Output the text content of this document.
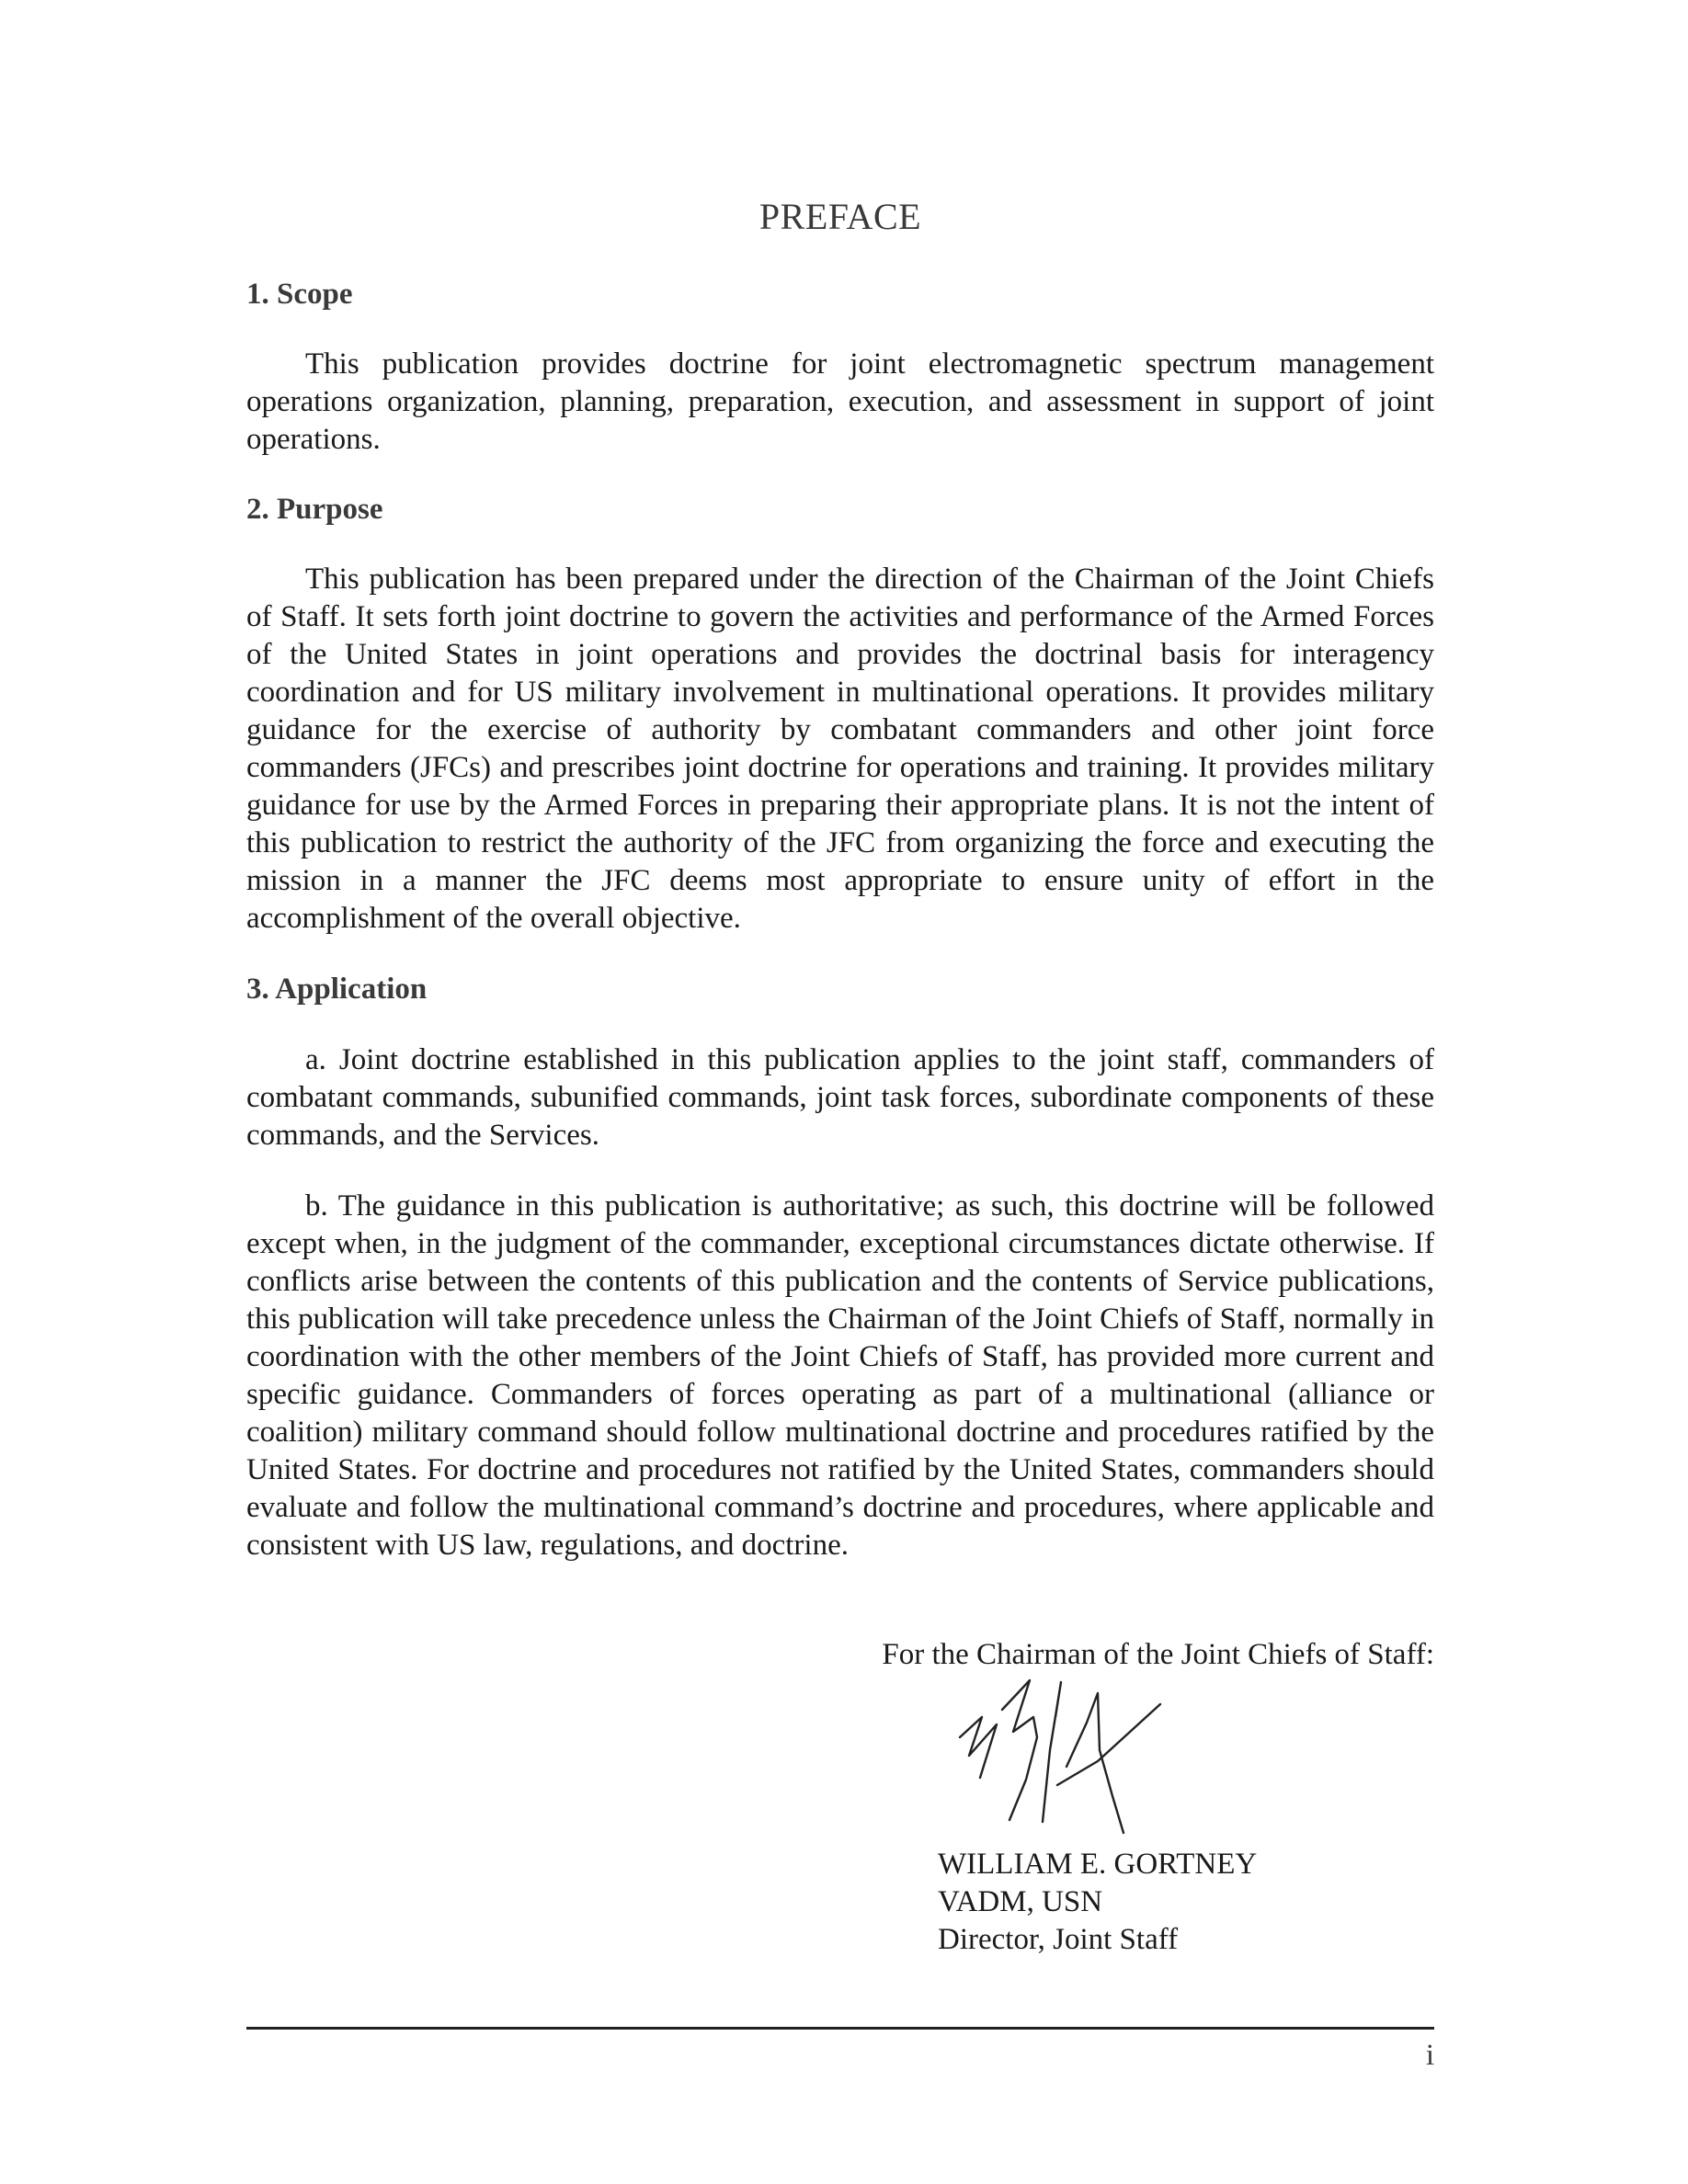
PREFACE
1. Scope

This publication provides doctrine for joint electromagnetic spectrum management operations organization, planning, preparation, execution, and assessment in support of joint operations.

2. Purpose

This publication has been prepared under the direction of the Chairman of the Joint Chiefs of Staff. It sets forth joint doctrine to govern the activities and performance of the Armed Forces of the United States in joint operations and provides the doctrinal basis for interagency coordination and for US military involvement in multinational operations. It provides military guidance for the exercise of authority by combatant commanders and other joint force commanders (JFCs) and prescribes joint doctrine for operations and training. It provides military guidance for use by the Armed Forces in preparing their appropriate plans. It is not the intent of this publication to restrict the authority of the JFC from organizing the force and executing the mission in a manner the JFC deems most appropriate to ensure unity of effort in the accomplishment of the overall objective.

3. Application

a. Joint doctrine established in this publication applies to the joint staff, commanders of combatant commands, subunified commands, joint task forces, subordinate components of these commands, and the Services.

b. The guidance in this publication is authoritative; as such, this doctrine will be followed except when, in the judgment of the commander, exceptional circumstances dictate otherwise. If conflicts arise between the contents of this publication and the contents of Service publications, this publication will take precedence unless the Chairman of the Joint Chiefs of Staff, normally in coordination with the other members of the Joint Chiefs of Staff, has provided more current and specific guidance. Commanders of forces operating as part of a multinational (alliance or coalition) military command should follow multinational doctrine and procedures ratified by the United States. For doctrine and procedures not ratified by the United States, commanders should evaluate and follow the multinational command’s doctrine and procedures, where applicable and consistent with US law, regulations, and doctrine.

For the Chairman of the Joint Chiefs of Staff:

WILLIAM E. GORTNEY
VADM, USN
Director, Joint Staff
i
